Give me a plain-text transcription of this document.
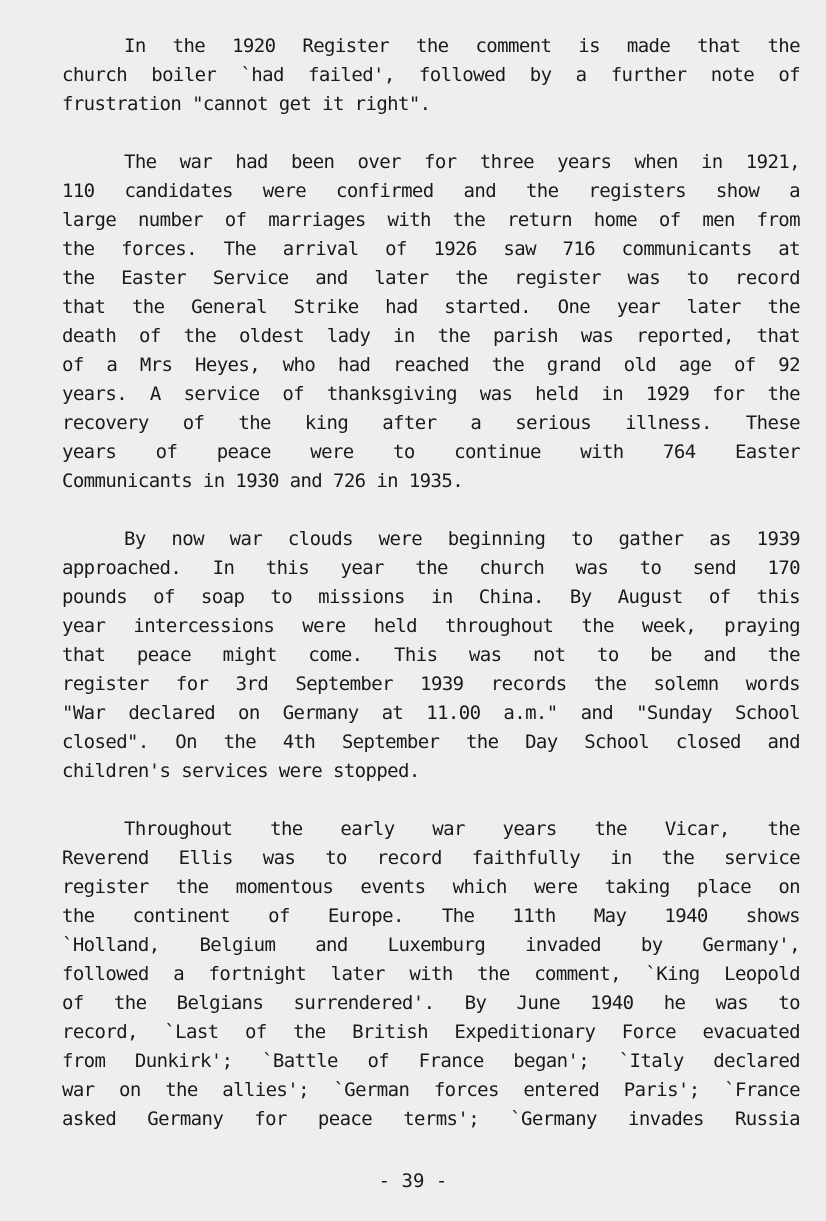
In the 1920 Register the comment is made that the
church boiler `had failed', followed by a further note of
frustration "cannot get it right".
The war had been over for three years when in 1921,
110 candidates were confirmed and the registers show a
large number of marriages with the return home of men from
the forces. The arrival of 1926 saw 716 communicants at
the Easter Service and later the register was to record
that the General Strike had started. One year later the
death of the oldest lady in the parish was reported, that
of a Mrs Heyes, who had reached the grand old age of 92
years. A service of thanksgiving was held in 1929 for the
recovery of the king after a serious illness. These
years of peace were to continue with 764 Easter
Communicants in 1930 and 726 in 1935.
By now war clouds were beginning to gather as 1939
approached. In this year the church was to send 170
pounds of soap to missions in China. By August of this
year intercessions were held throughout the week, praying
that peace might come. This was not to be and the
register for 3rd September 1939 records the solemn words
"War declared on Germany at 11.00 a.m." and "Sunday School
closed". On the 4th September the Day School closed and
children's services were stopped.
Throughout the early war years the Vicar, the
Reverend Ellis was to record faithfully in the service
register the momentous events which were taking place on
the continent of Europe. The 11th May 1940 shows
`Holland, Belgium and Luxemburg invaded by Germany',
followed a fortnight later with the comment, `King Leopold
of the Belgians surrendered'. By June 1940 he was to
record, `Last of the British Expeditionary Force evacuated
from Dunkirk'; `Battle of France began'; `Italy declared
war on the allies'; `German forces entered Paris'; `France
asked Germany for peace terms'; `Germany invades Russia
- 39 -
